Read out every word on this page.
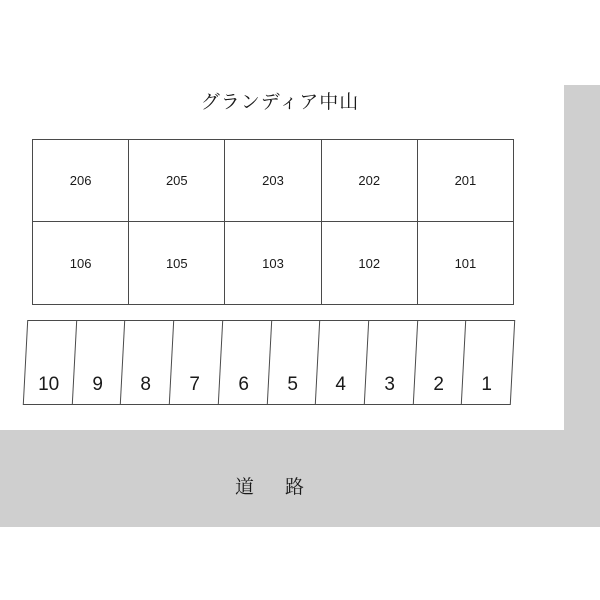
グランディア中山
206	205	203	202	201
106	105	103	102	101
10	9	8	7	6	5	4	3	2	1
道　路
